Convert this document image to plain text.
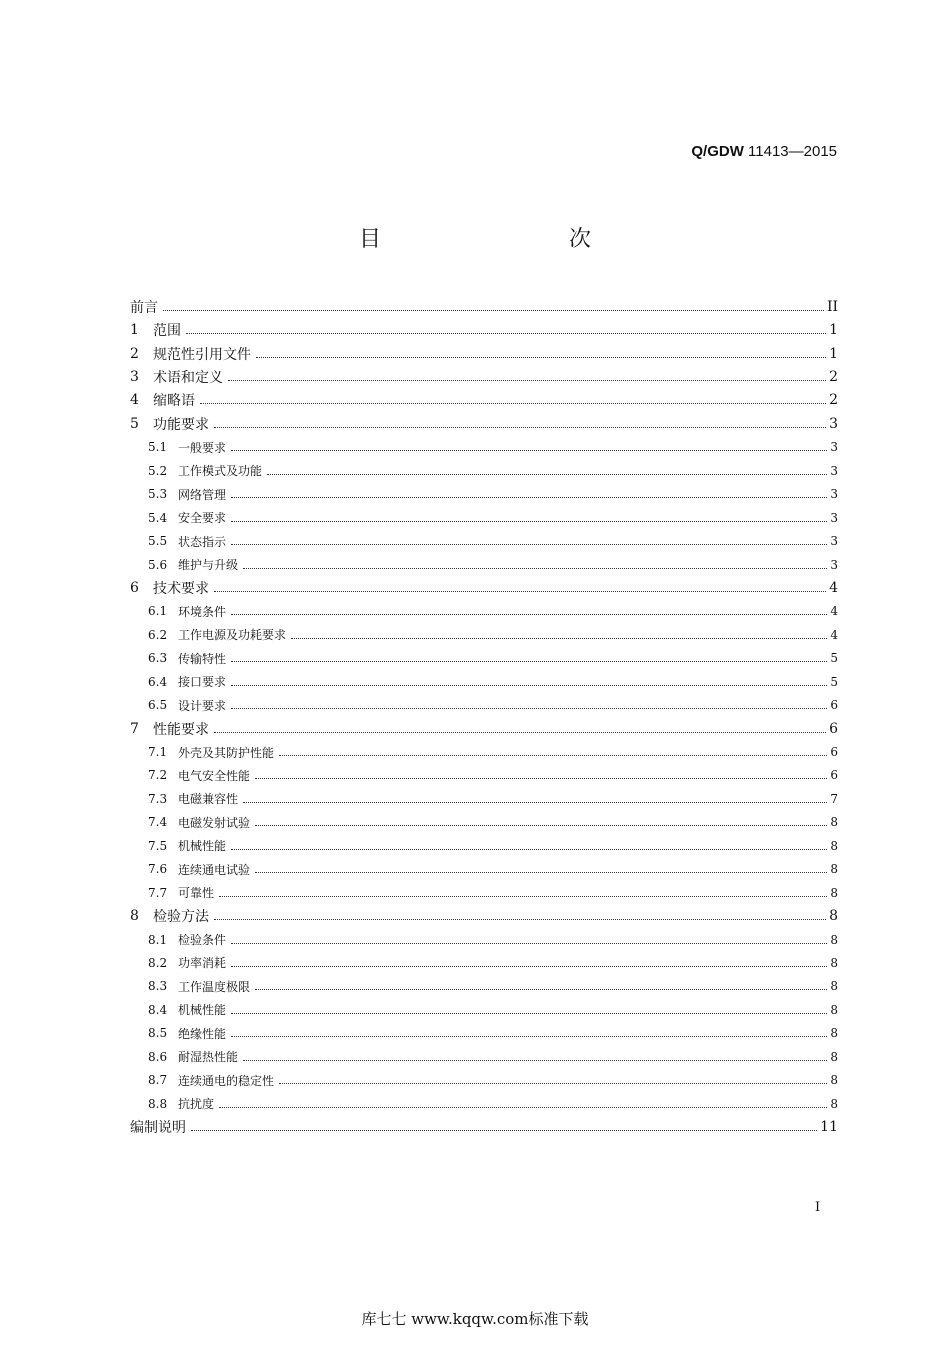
Q/GDW 11413—2015
目　　次
前言	II
1	范围	1
2	规范性引用文件	1
3	术语和定义	2
4	缩略语	2
5	功能要求	3
5.1 一般要求	3
5.2 工作模式及功能	3
5.3 网络管理	3
5.4 安全要求	3
5.5 状态指示	3
5.6 维护与升级	3
6	技术要求	4
6.1 环境条件	4
6.2 工作电源及功耗要求	4
6.3 传输特性	5
6.4 接口要求	5
6.5 设计要求	6
7	性能要求	6
7.1 外壳及其防护性能	6
7.2 电气安全性能	6
7.3 电磁兼容性	7
7.4 电磁发射试验	8
7.5 机械性能	8
7.6 连续通电试验	8
7.7 可靠性	8
8	检验方法	8
8.1 检验条件	8
8.2 功率消耗	8
8.3 工作温度极限	8
8.4 机械性能	8
8.5 绝缘性能	8
8.6 耐湿热性能	8
8.7 连续通电的稳定性	8
8.8 抗扰度	8
编制说明	11
I
库七七 www.kqqw.com标准下载
